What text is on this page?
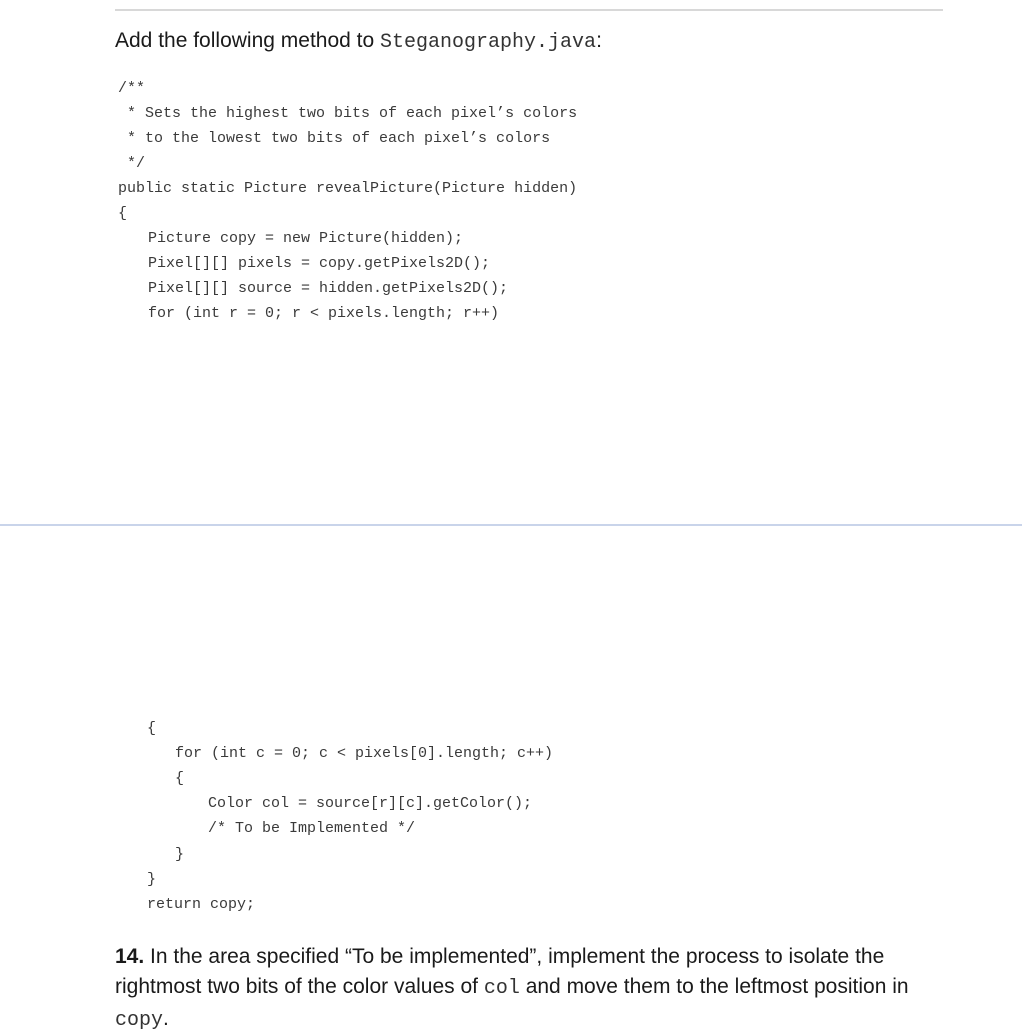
Add the following method to Steganography.java:
/**
* Sets the highest two bits of each pixel’s colors
* to the lowest two bits of each pixel’s colors
*/
public static Picture revealPicture(Picture hidden)
{
Picture copy = new Picture(hidden);
Pixel[][] pixels = copy.getPixels2D();
Pixel[][] source = hidden.getPixels2D();
for (int r = 0; r < pixels.length; r++)
{
for (int c = 0; c < pixels[0].length; c++)
{
Color col = source[r][c].getColor();
/* To be Implemented */
}
}
return copy;
14. In the area specified “To be implemented”, implement the process to isolate the rightmost two bits of the color values of col and move them to the leftmost position in copy.
